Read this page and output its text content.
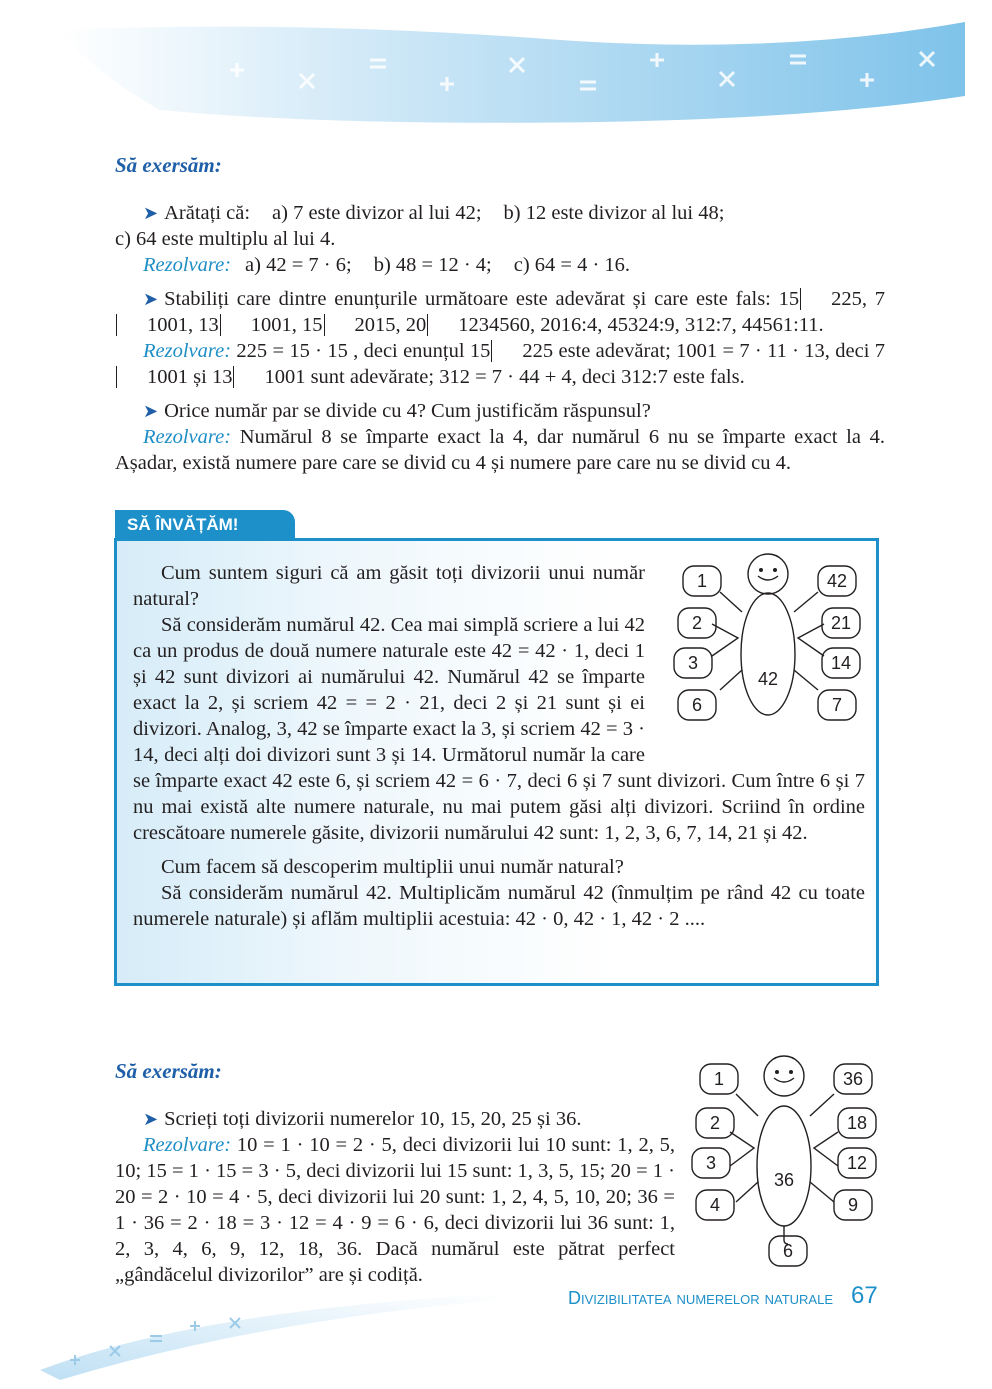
Să exersăm:

➤ Arătați că: a) 7 este divizor al lui 42; b) 12 este divizor al lui 48;

c) 64 este multiplu al lui 4.

Rezolvare: a) 42 = 7 · 6; b) 48 = 12 · 4; c) 64 = 4 · 16.

➤ Stabiliți care dintre enunțurile următoare este adevărat și care este fals: 15 225, 71001, 13 1001, 15 2015, 20 1234560, 2016:4, 45324:9, 312:7, 44561:11.

Rezolvare: 225 = 15 · 15 , deci enunțul 15 225 este adevărat; 1001 = 7 · 11 · 13, deci 71001 și 13 1001 sunt adevărate; 312 = 7 · 44 + 4, deci 312:7 este fals.

➤ Orice număr par se divide cu 4? Cum justificăm răspunsul?

Rezolvare: Numărul 8 se împarte exact la 4, dar numărul 6 nu se împarte exact la 4. Așadar, există numere pare care se divid cu 4 și numere pare care nu se divid cu 4.

SĂ ÎNVĂȚĂM!
42
1
2
3
6
42
21
14
7

Cum suntem siguri că am găsit toți divizorii unui număr natural?

Să considerăm numărul 42. Cea mai simplă scriere a lui 42 ca un produs de două numere naturale este 42 = 42 · 1, deci 1 și 42 sunt divizori ai numărului 42. Numărul 42 se împarte exact la 2, și scriem 42 = = 2 · 21, deci 2 și 21 sunt și ei divizori. Analog, 3, 42 se împarte exact la 3, și scriem 42 = 3 · 14, deci alți doi divizori sunt 3 și 14. Următorul număr la care se împarte exact 42 este 6, și scriem 42 = 6 · 7, deci 6 și 7 sunt divizori. Cum între 6 și 7 nu mai există alte numere naturale, nu mai putem găsi alți divizori. Scriind în ordine crescătoare numerele găsite, divizorii numărului 42 sunt: 1, 2, 3, 6, 7, 14, 21 și 42.

Cum facem să descoperim multiplii unui număr natural?

Să considerăm numărul 42. Multiplicăm numărul 42 (înmulțim pe rând 42 cu toate numerele naturale) și aflăm multiplii acestuia: 42 · 0, 42 · 1, 42 · 2 ....

Să exersăm:

➤ Scrieți toți divizorii numerelor 10, 15, 20, 25 și 36.

Rezolvare: 10 = 1 · 10 = 2 · 5, deci divizorii lui 10 sunt: 1, 2, 5, 10; 15 = 1 · 15 = 3 · 5, deci divizorii lui 15 sunt: 1, 3, 5, 15; 20 = 1 · 20 = 2 · 10 = 4 · 5, deci divizorii lui 20 sunt: 1, 2, 4, 5, 10, 20; 36 = 1 · 36 = 2 · 18 = 3 · 12 = 4 · 9 = 6 · 6, deci divizorii lui 36 sunt: 1, 2, 3, 4, 6, 9, 12, 18, 36. Dacă numărul este pătrat perfect „gândăcelul divizorilor” are și codiță.

36
1
2
3
4
36
18
12
9
6
Divizibilitatea numerelor naturale 67
